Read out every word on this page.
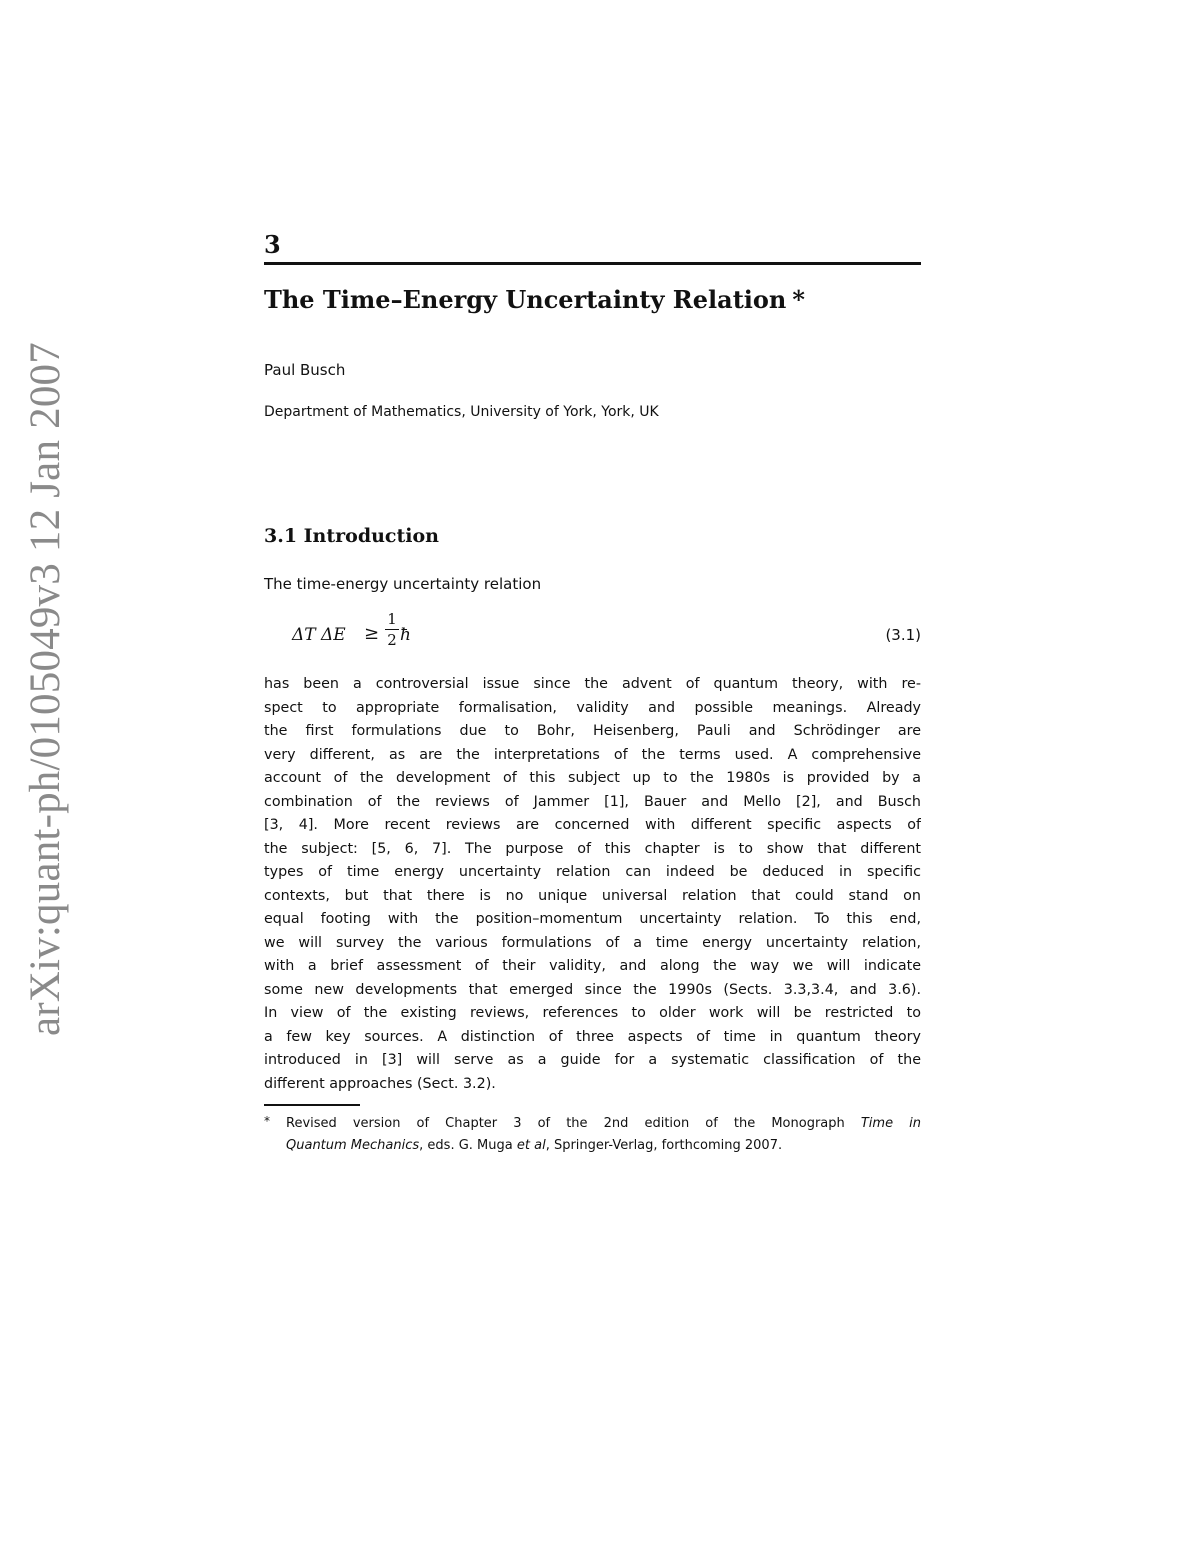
arXiv:quant-ph/0105049v3 12 Jan 2007
3
The Time–Energy Uncertainty Relation *
Paul Busch
Department of Mathematics, University of York, York, UK
3.1 Introduction
The time-energy uncertainty relation
ΔT ΔE ≥
1
2 ħ	(3.1)
has been a controversial issue since the advent of quantum theory, with re-
spect to appropriate formalisation, validity and possible meanings. Already
the first formulations due to Bohr, Heisenberg, Pauli and Schrödinger are
very different, as are the interpretations of the terms used. A comprehensive
account of the development of this subject up to the 1980s is provided by a
combination of the reviews of Jammer [1], Bauer and Mello [2], and Busch
[3, 4]. More recent reviews are concerned with different specific aspects of
the subject: [5, 6, 7]. The purpose of this chapter is to show that different
types of time energy uncertainty relation can indeed be deduced in specific
contexts, but that there is no unique universal relation that could stand on
equal footing with the position–momentum uncertainty relation. To this end,
we will survey the various formulations of a time energy uncertainty relation,
with a brief assessment of their validity, and along the way we will indicate
some new developments that emerged since the 1990s (Sects. 3.3,3.4, and 3.6).
In view of the existing reviews, references to older work will be restricted to
a few key sources. A distinction of three aspects of time in quantum theory
introduced in [3] will serve as a guide for a systematic classification of the
different approaches (Sect. 3.2).
* Revised version of Chapter 3 of the 2nd edition of the Monograph Time in
Quantum Mechanics, eds. G. Muga et al, Springer-Verlag, forthcoming 2007.
